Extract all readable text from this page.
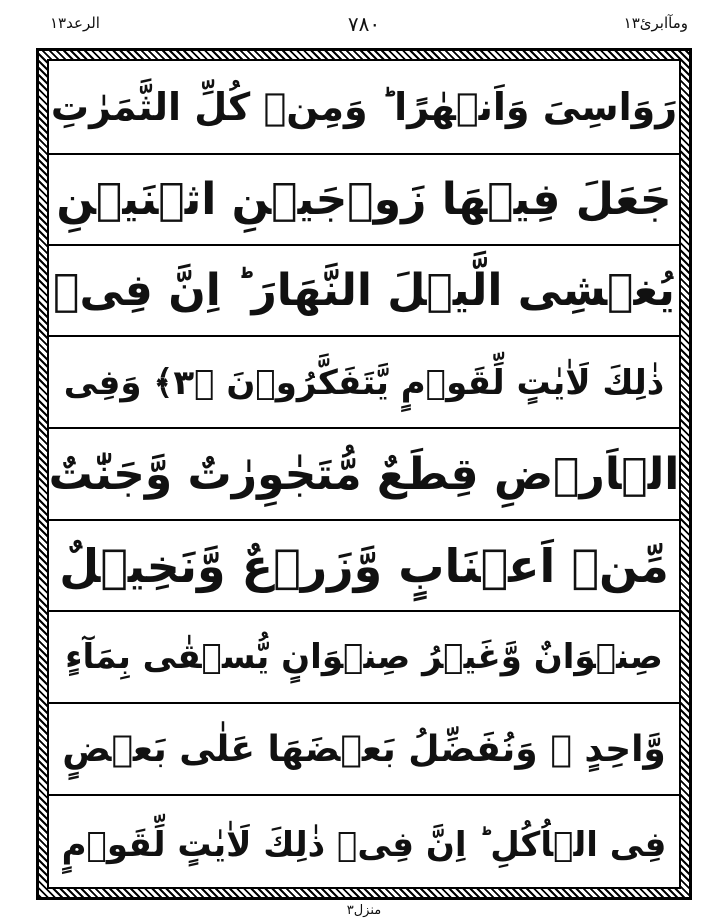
الرعد۱۳	۷۸۰	ومآابرئ۱۳
رَوَاسِیَ وَاَنۡهٰرًا ؕ وَمِنۡ كُلِّ الثَّمَرٰتِ
جَعَلَ فِیۡهَا زَوۡجَیۡنِ اثۡنَیۡنِ
یُغۡشِی الَّیۡلَ النَّهَارَ ؕ اِنَّ فِیۡ
ذٰلِكَ لَاٰیٰتٍ لِّقَوۡمٍ یَّتَفَكَّرُوۡنَ ﴿۳﴾ وَفِی
الۡاَرۡضِ قِطَعٌ مُّتَجٰوِرٰتٌ وَّجَنّٰتٌ
مِّنۡ اَعۡنَابٍ وَّزَرۡعٌ وَّنَخِیۡلٌ
صِنۡوَانٌ وَّغَیۡرُ صِنۡوَانٍ یُّسۡقٰی بِمَآءٍ
وَّاحِدٍ ۟ وَنُفَضِّلُ بَعۡضَهَا عَلٰی بَعۡضٍ
فِی الۡاُكُلِ ؕ اِنَّ فِیۡ ذٰلِكَ لَاٰیٰتٍ لِّقَوۡمٍ
منزل۳
